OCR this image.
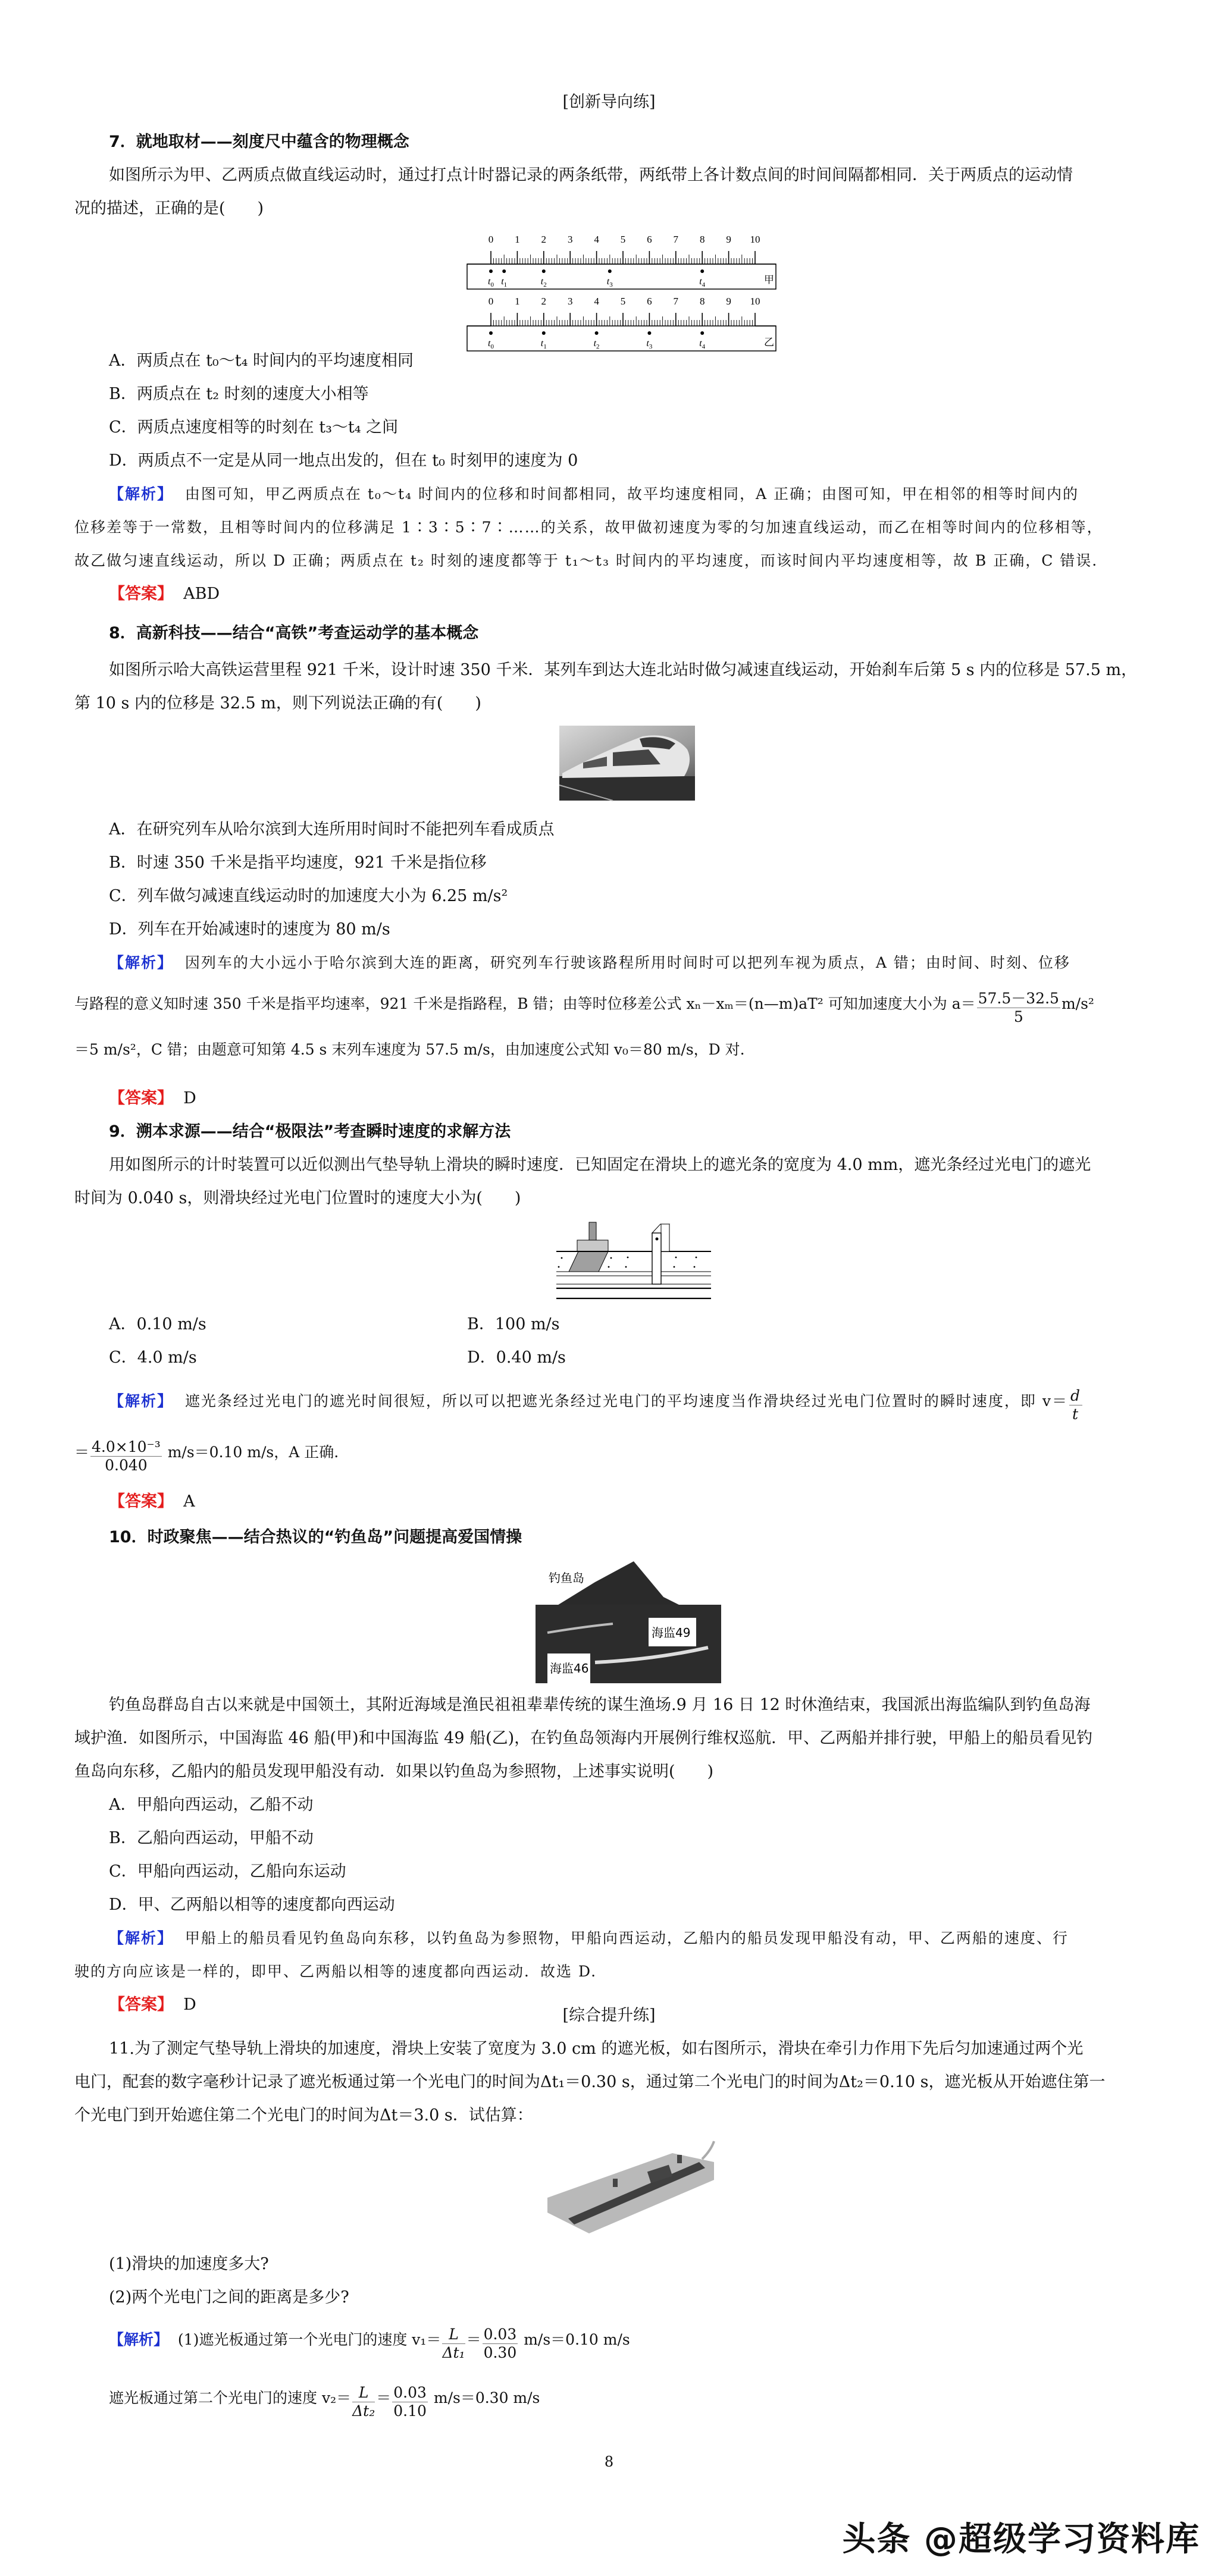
[创新导向练]
7．就地取材——刻度尺中蕴含的物理概念
如图所示为甲、乙两质点做直线运动时，通过打点计时器记录的两条纸带，两纸带上各计数点间的时间间隔都相同．关于两质点的运动情
况的描述，正确的是(　　)
0 1 2 3 4 5 6 7 8 9 10
0 1 2 3 4 5 6 7 8 9 10
$t_0$ $t_1$	$t_2$	$t_3$	$t_4$
$t_0$	$t_1$	$t_2$	$t_3$	$t_4$
甲
乙
A．两质点在 t₀～t₄ 时间内的平均速度相同
B．两质点在 t₂ 时刻的速度大小相等
C．两质点速度相等的时刻在 t₃～t₄ 之间
D．两质点不一定是从同一地点出发的，但在 t₀ 时刻甲的速度为 0
【解析】 由图可知，甲乙两质点在 t₀～t₄ 时间内的位移和时间都相同，故平均速度相同，A 正确；由图可知，甲在相邻的相等时间内的
位移差等于一常数，且相等时间内的位移满足 1∶3∶5∶7∶……的关系，故甲做初速度为零的匀加速直线运动，而乙在相等时间内的位移相等，
故乙做匀速直线运动，所以 D 正确；两质点在 t₂ 时刻的速度都等于 t₁～t₃ 时间内的平均速度，而该时间内平均速度相等，故 B 正确，C 错误.
【答案】 ABD
8．高新科技——结合“高铁”考查运动学的基本概念
如图所示哈大高铁运营里程 921 千米，设计时速 350 千米．某列车到达大连北站时做匀减速直线运动，开始刹车后第 5 s 内的位移是 57.5 m，
第 10 s 内的位移是 32.5 m，则下列说法正确的有(　　)
A．在研究列车从哈尔滨到大连所用时间时不能把列车看成质点
B．时速 350 千米是指平均速度，921 千米是指位移
C．列车做匀减速直线运动时的加速度大小为 6.25 m/s²
D．列车在开始减速时的速度为 80 m/s
【解析】 因列车的大小远小于哈尔滨到大连的距离，研究列车行驶该路程所用时间时可以把列车视为质点，A 错；由时间、时刻、位移
与路程的意义知时速 350 千米是指平均速率，921 千米是指路程，B 错；由等时位移差公式 xₙ－xₘ＝(n—m)aT² 可知加速度大小为 $a= \frac{57.5-32.5}{5} m/s^2$
＝5 m/s²，C 错；由题意可知第 4.5 s 末列车速度为 57.5 m/s，由加速度公式知 v₀＝80 m/s，D 对.
【答案】 D
9．溯本求源——结合“极限法”考查瞬时速度的求解方法
用如图所示的计时装置可以近似测出气垫导轨上滑块的瞬时速度．已知固定在滑块上的遮光条的宽度为 4.0 mm，遮光条经过光电门的遮光
时间为 0.040 s，则滑块经过光电门位置时的速度大小为(　　)
A．0.10 m/s	B．100 m/s
C．4.0 m/s	D．0.40 m/s
【解析】 遮光条经过光电门的遮光时间很短，所以可以把遮光条经过光电门的平均速度当作滑块经过光电门位置时的瞬时速度，即 $v= \frac{d}{t}$
＝ $\frac{\text{4.0×10⁻³}}{0.040} m/s=0.10$ m/s，A 正确.
【答案】 A
10．时政聚焦——结合热议的“钓鱼岛”问题提高爱国情操
钓鱼岛
海监49
海监46
钓鱼岛群岛自古以来就是中国领土，其附近海域是渔民祖祖辈辈传统的谋生渔场.9 月 16 日 12 时休渔结束，我国派出海监编队到钓鱼岛海
域护渔．如图所示，中国海监 46 船(甲)和中国海监 49 船(乙)，在钓鱼岛领海内开展例行维权巡航．甲、乙两船并排行驶，甲船上的船员看见钓
鱼岛向东移，乙船内的船员发现甲船没有动．如果以钓鱼岛为参照物，上述事实说明(　　)
A．甲船向西运动，乙船不动
B．乙船向西运动，甲船不动
C．甲船向西运动，乙船向东运动
D．甲、乙两船以相等的速度都向西运动
【解析】 甲船上的船员看见钓鱼岛向东移，以钓鱼岛为参照物，甲船向西运动，乙船内的船员发现甲船没有动，甲、乙两船的速度、行
驶的方向应该是一样的，即甲、乙两船以相等的速度都向西运动．故选 D.
【答案】 D
[综合提升练]
11.为了测定气垫导轨上滑块的加速度，滑块上安装了宽度为 3.0 cm 的遮光板，如右图所示，滑块在牵引力作用下先后匀加速通过两个光
电门，配套的数字毫秒计记录了遮光板通过第一个光电门的时间为Δt₁＝0.30 s，通过第二个光电门的时间为Δt₂＝0.10 s，遮光板从开始遮住第一
个光电门到开始遮住第二个光电门的时间为Δt＝3.0 s．试估算：
(1)滑块的加速度多大?
(2)两个光电门之间的距离是多少?
【解析】 (1)遮光板通过第一个光电门的速度 $v_1= \frac{L}{\text{Δt₁}} = \frac{0.03}{0.30} m/s=0.10$ m/s
遮光板通过第二个光电门的速度 $v_2= \frac{L}{\text{Δt₂}} = \frac{0.03}{0.10} m/s=0.30$ m/s
8
头条 @超级学习资料库
